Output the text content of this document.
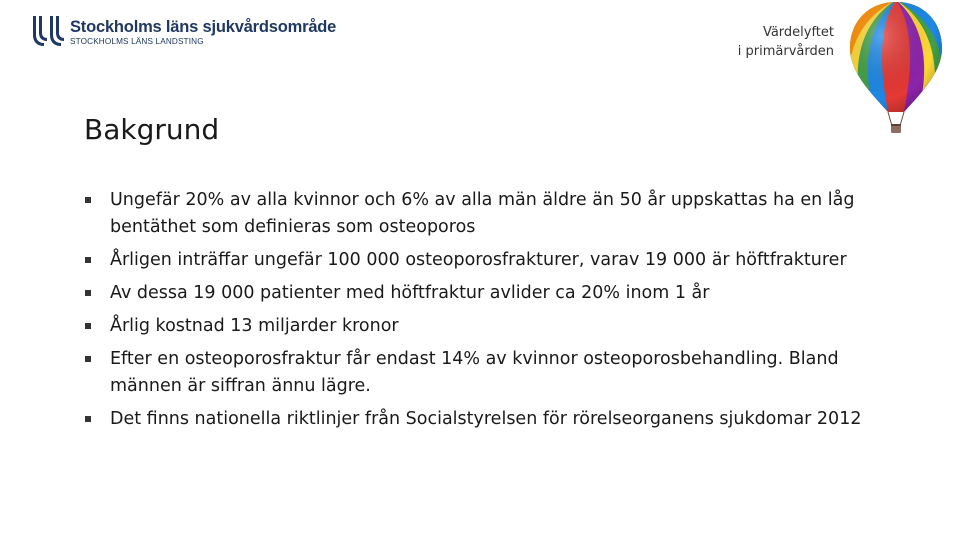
Stockholms läns sjukvårdsområde
STOCKHOLMS LÄNS LANDSTING
Värdelyftet
i primärvården
Bakgrund
Ungefär 20% av alla kvinnor och 6% av alla män äldre än 50 år uppskattas ha en låg bentäthet som definieras som osteoporos
Årligen inträffar ungefär 100 000 osteoporosfrakturer, varav 19 000 är höftfrakturer
Av dessa 19 000 patienter med höftfraktur avlider ca 20% inom 1 år
Årlig kostnad 13 miljarder kronor
Efter en osteoporosfraktur får endast 14% av kvinnor osteoporosbehandling. Bland männen är siffran ännu lägre.
Det finns nationella riktlinjer från Socialstyrelsen för rörelseorganens sjukdomar 2012
